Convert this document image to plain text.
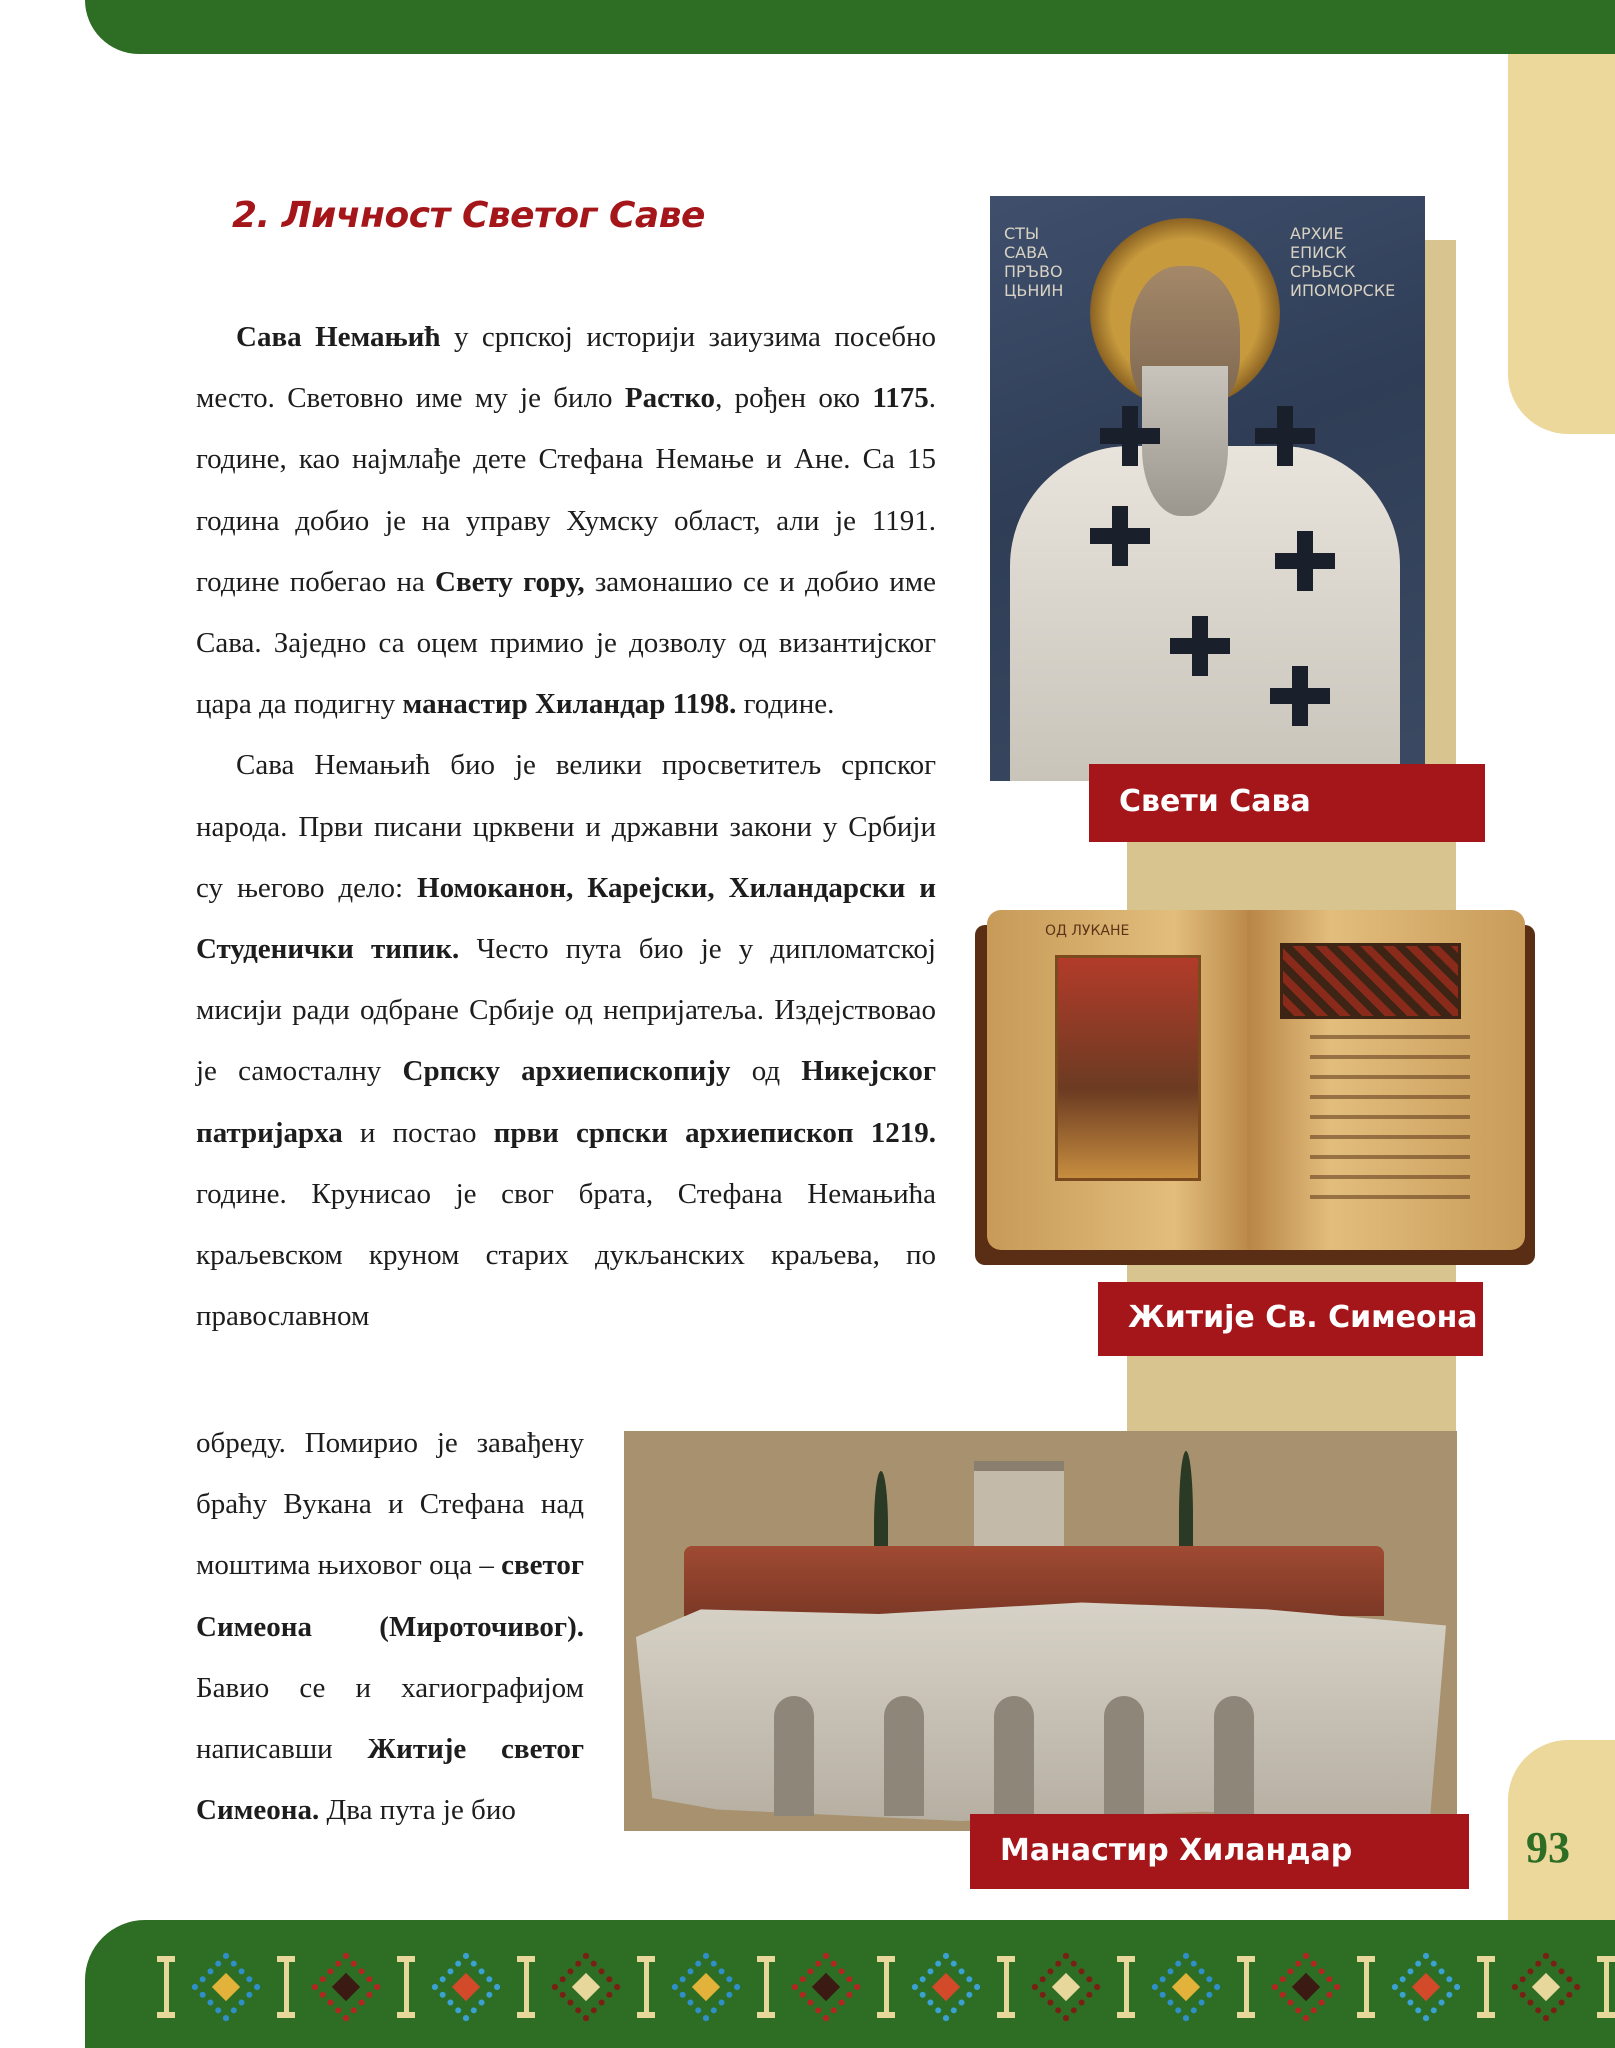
93
2. Личност Светог Саве
Сава Немањић у српској историји заиузима посебно место. Световно име му је било Растко, рођен око 1175. године, као најмлађе дете Стефана Немање и Ане. Са 15 година добио је на управу Хумску област, али је 1191. године побегао на Свету гору, замонашио се и добио име Сава. Заједно са оцем примио је дозволу од византијског цара да подигну манастир Хиландар 1198. године.
Сава Немањић био је велики просветитељ српског народа. Први писани црквени и државни закони у Србији су његово дело: Номоканон, Карејски, Хиландарски и Студенички типик. Често пута био је у дипломатској мисији ради одбране Србије од непријатеља. Издејствовао је самосталну Српску архиепископију од Никејског патријарха и постао први српски архиепископ 1219. године. Крунисао је свог брата, Стефана Немањића краљевском круном старих дукљанских краљева, по православном
обреду. Помирио је завађену браћу Вукана и Стефана над моштима њиховог оца – светог Симеона (Мироточивог). Бавио се и хагиографијом написавши Житије светог Симеона. Два пута је био
СТЫ САВА ПРЪВО ЦЬНИН
АРХИЕ ЕПИСК СРЬБСК ИПОМОРСКЕ
Свети Сава
ОД ЛУКАНЕ
Житије Св. Симеона
Манастир Хиландар
